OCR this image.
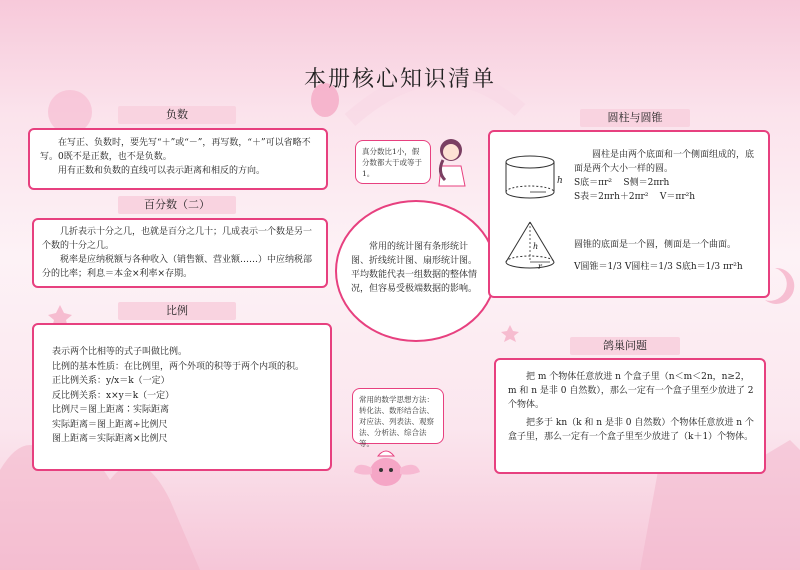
本册核心知识清单
负数

在写正、负数时，要先写“＋”或“－”，再写数，“＋”可以省略不写。0既不是正数，也不是负数。

用有正数和负数的直线可以表示距离和相反的方向。

百分数（二）

几折表示十分之几，也就是百分之几十；几成表示一个数是另一个数的十分之几。

税率是应纳税额与各种收入（销售额、营业额……）中应纳税部分的比率；利息＝本金×利率×存期。

比例

表示两个比相等的式子叫做比例。

比例的基本性质：在比例里，两个外项的积等于两个内项的积。

正比例关系：y/x＝k（一定）

反比例关系：x×y＝k（一定）

比例尺＝图上距离∶实际距离

实际距离＝图上距离÷比例尺

图上距离＝实际距离×比例尺

真分数比1小，假分数都大于或等于1。

常用的统计图有条形统计图、折线统计图、扇形统计图。平均数能代表一组数据的整体情况，但容易受极端数据的影响。

常用的数学思想方法：转化法、数形结合法、对应法、列表法、观察法、分析法、综合法等。
圆柱与圆锥
h
h
r

圆柱是由两个底面和一个侧面组成的，底面是两个大小一样的圆。

S底＝πr²    S侧＝2πrh

S表＝2πrh＋2πr²    V＝πr²h

圆锥的底面是一个圆，侧面是一个曲面。

V圆锥＝1/3 V圆柱＝1/3 S底h＝1/3 πr²h

鸽巢问题

把 m 个物体任意放进 n 个盒子里（n＜m＜2n，n≥2，m 和 n 是非 0 自然数），那么一定有一个盒子里至少放进了 2 个物体。

把多于 kn（k 和 n 是非 0 自然数）个物体任意放进 n 个盒子里，那么一定有一个盒子里至少放进了（k＋1）个物体。
